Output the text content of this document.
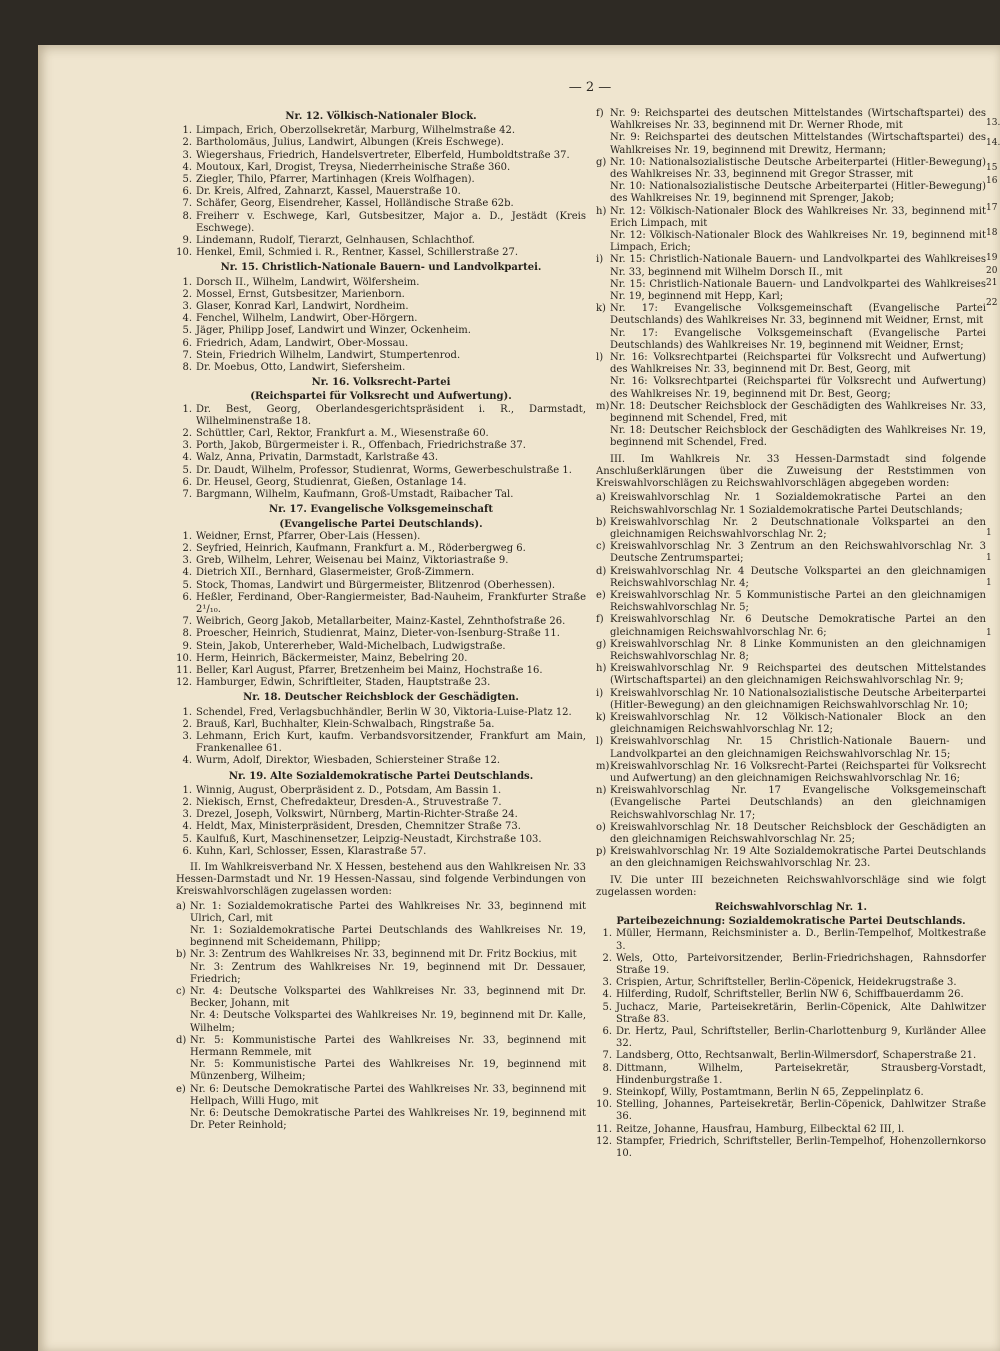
— 2 —
Nr. 12. Völkisch-Nationaler Block.
1. Limpach, Erich, Oberzollsekretär, Marburg, Wilhelmstraße 42.
2. Bartholomäus, Julius, Landwirt, Albungen (Kreis Eschwege).
3. Wiegershaus, Friedrich, Handelsvertreter, Elberfeld, Humboldtstraße 37.
4. Moutoux, Karl, Drogist, Treysa, Niederrheinische Straße 360.
5. Ziegler, Thilo, Pfarrer, Martinhagen (Kreis Wolfhagen).
6. Dr. Kreis, Alfred, Zahnarzt, Kassel, Mauerstraße 10.
7. Schäfer, Georg, Eisendreher, Kassel, Holländische Straße 62b.
8. Freiherr v. Eschwege, Karl, Gutsbesitzer, Major a. D., Jestädt (Kreis Eschwege).
9. Lindemann, Rudolf, Tierarzt, Gelnhausen, Schlachthof.
10. Henkel, Emil, Schmied i. R., Rentner, Kassel, Schillerstraße 27.
Nr. 15. Christlich-Nationale Bauern- und Landvolkpartei.
1. Dorsch II., Wilhelm, Landwirt, Wölfersheim.
2. Mossel, Ernst, Gutsbesitzer, Marienborn.
3. Glaser, Konrad Karl, Landwirt, Nordheim.
4. Fenchel, Wilhelm, Landwirt, Ober-Hörgern.
5. Jäger, Philipp Josef, Landwirt und Winzer, Ockenheim.
6. Friedrich, Adam, Landwirt, Ober-Mossau.
7. Stein, Friedrich Wilhelm, Landwirt, Stumpertenrod.
8. Dr. Moebus, Otto, Landwirt, Siefersheim.
Nr. 16. Volksrecht-Partei
(Reichspartei für Volksrecht und Aufwertung).
1. Dr. Best, Georg, Oberlandesgerichtspräsident i. R., Darmstadt, Wilhelminenstraße 18.
2. Schüttler, Carl, Rektor, Frankfurt a. M., Wiesenstraße 60.
3. Porth, Jakob, Bürgermeister i. R., Offenbach, Friedrichstraße 37.
4. Walz, Anna, Privatin, Darmstadt, Karlstraße 43.
5. Dr. Daudt, Wilhelm, Professor, Studienrat, Worms, Gewerbeschulstraße 1.
6. Dr. Heusel, Georg, Studienrat, Gießen, Ostanlage 14.
7. Bargmann, Wilhelm, Kaufmann, Groß-Umstadt, Raibacher Tal.
Nr. 17. Evangelische Volksgemeinschaft
(Evangelische Partei Deutschlands).
1. Weidner, Ernst, Pfarrer, Ober-Lais (Hessen).
2. Seyfried, Heinrich, Kaufmann, Frankfurt a. M., Röderbergweg 6.
3. Greb, Wilhelm, Lehrer, Weisenau bei Mainz, Viktoriastraße 9.
4. Dietrich XII., Bernhard, Glasermeister, Groß-Zimmern.
5. Stock, Thomas, Landwirt und Bürgermeister, Blitzenrod (Oberhessen).
6. Heßler, Ferdinand, Ober-Rangiermeister, Bad-Nauheim, Frankfurter Straße 2¹/₁₀.
7. Weibrich, Georg Jakob, Metallarbeiter, Mainz-Kastel, Zehnthofstraße 26.
8. Proescher, Heinrich, Studienrat, Mainz, Dieter-von-Isenburg-Straße 11.
9. Stein, Jakob, Untererheber, Wald-Michelbach, Ludwigstraße.
10. Herm, Heinrich, Bäckermeister, Mainz, Bebelring 20.
11. Beller, Karl August, Pfarrer, Bretzenheim bei Mainz, Hochstraße 16.
12. Hamburger, Edwin, Schriftleiter, Staden, Hauptstraße 23.
Nr. 18. Deutscher Reichsblock der Geschädigten.
1. Schendel, Fred, Verlagsbuchhändler, Berlin W 30, Viktoria-Luise-Platz 12.
2. Brauß, Karl, Buchhalter, Klein-Schwalbach, Ringstraße 5a.
3. Lehmann, Erich Kurt, kaufm. Verbandsvorsitzender, Frankfurt am Main, Frankenallee 61.
4. Wurm, Adolf, Direktor, Wiesbaden, Schiersteiner Straße 12.
Nr. 19. Alte Sozialdemokratische Partei Deutschlands.
1. Winnig, August, Oberpräsident z. D., Potsdam, Am Bassin 1.
2. Niekisch, Ernst, Chefredakteur, Dresden-A., Struvestraße 7.
3. Drezel, Joseph, Volkswirt, Nürnberg, Martin-Richter-Straße 24.
4. Heldt, Max, Ministerpräsident, Dresden, Chemnitzer Straße 73.
5. Kaulfuß, Kurt, Maschinensetzer, Leipzig-Neustadt, Kirchstraße 103.
6. Kuhn, Karl, Schlosser, Essen, Klarastraße 57.
II. Im Wahlkreisverband Nr. X Hessen, bestehend aus den Wahlkreisen Nr. 33 Hessen-Darmstadt und Nr. 19 Hessen-Nassau, sind folgende Verbindungen von Kreiswahlvorschlägen zugelassen worden:
a) Nr. 1: Sozialdemokratische Partei des Wahlkreises Nr. 33, beginnend mit Ulrich, Carl, mit
Nr. 1: Sozialdemokratische Partei Deutschlands des Wahlkreises Nr. 19, beginnend mit Scheidemann, Philipp;
b) Nr. 3: Zentrum des Wahlkreises Nr. 33, beginnend mit Dr. Fritz Bockius, mit
Nr. 3: Zentrum des Wahlkreises Nr. 19, beginnend mit Dr. Dessauer, Friedrich;
c) Nr. 4: Deutsche Volkspartei des Wahlkreises Nr. 33, beginnend mit Dr. Becker, Johann, mit
Nr. 4: Deutsche Volkspartei des Wahlkreises Nr. 19, beginnend mit Dr. Kalle, Wilhelm;
d) Nr. 5: Kommunistische Partei des Wahlkreises Nr. 33, beginnend mit Hermann Remmele, mit
Nr. 5: Kommunistische Partei des Wahlkreises Nr. 19, beginnend mit Münzenberg, Wilheim;
e) Nr. 6: Deutsche Demokratische Partei des Wahlkreises Nr. 33, beginnend mit Hellpach, Willi Hugo, mit
Nr. 6: Deutsche Demokratische Partei des Wahlkreises Nr. 19, beginnend mit Dr. Peter Reinhold;
f) Nr. 9: Reichspartei des deutschen Mittelstandes (Wirtschaftspartei) des Wahlkreises Nr. 33, beginnend mit Dr. Werner Rhode, mit
Nr. 9: Reichspartei des deutschen Mittelstandes (Wirtschaftspartei) des Wahlkreises Nr. 19, beginnend mit Drewitz, Hermann;
g) Nr. 10: Nationalsozialistische Deutsche Arbeiterpartei (Hitler-Bewegung) des Wahlkreises Nr. 33, beginnend mit Gregor Strasser, mit
Nr. 10: Nationalsozialistische Deutsche Arbeiterpartei (Hitler-Bewegung) des Wahlkreises Nr. 19, beginnend mit Sprenger, Jakob;
h) Nr. 12: Völkisch-Nationaler Block des Wahlkreises Nr. 33, beginnend mit Erich Limpach, mit
Nr. 12: Völkisch-Nationaler Block des Wahlkreises Nr. 19, beginnend mit Limpach, Erich;
i) Nr. 15: Christlich-Nationale Bauern- und Landvolkpartei des Wahlkreises Nr. 33, beginnend mit Wilhelm Dorsch II., mit
Nr. 15: Christlich-Nationale Bauern- und Landvolkpartei des Wahlkreises Nr. 19, beginnend mit Hepp, Karl;
k) Nr. 17: Evangelische Volksgemeinschaft (Evangelische Partei Deutschlands) des Wahlkreises Nr. 33, beginnend mit Weidner, Ernst, mit
Nr. 17: Evangelische Volksgemeinschaft (Evangelische Partei Deutschlands) des Wahlkreises Nr. 19, beginnend mit Weidner, Ernst;
l) Nr. 16: Volksrechtpartei (Reichspartei für Volksrecht und Aufwertung) des Wahlkreises Nr. 33, beginnend mit Dr. Best, Georg, mit
Nr. 16: Volksrechtpartei (Reichspartei für Volksrecht und Aufwertung) des Wahlkreises Nr. 19, beginnend mit Dr. Best, Georg;
m) Nr. 18: Deutscher Reichsblock der Geschädigten des Wahlkreises Nr. 33, beginnend mit Schendel, Fred, mit
Nr. 18: Deutscher Reichsblock der Geschädigten des Wahlkreises Nr. 19, beginnend mit Schendel, Fred.
III. Im Wahlkreis Nr. 33 Hessen-Darmstadt sind folgende Anschlußerklärungen über die Zuweisung der Reststimmen von Kreiswahlvorschlägen zu Reichswahlvorschlägen abgegeben worden:
a) Kreiswahlvorschlag Nr. 1 Sozialdemokratische Partei an den Reichswahlvorschlag Nr. 1 Sozialdemokratische Partei Deutschlands;
b) Kreiswahlvorschlag Nr. 2 Deutschnationale Volkspartei an den gleichnamigen Reichswahlvorschlag Nr. 2;
c) Kreiswahlvorschlag Nr. 3 Zentrum an den Reichswahlvorschlag Nr. 3 Deutsche Zentrumspartei;
d) Kreiswahlvorschlag Nr. 4 Deutsche Volkspartei an den gleichnamigen Reichswahlvorschlag Nr. 4;
e) Kreiswahlvorschlag Nr. 5 Kommunistische Partei an den gleichnamigen Reichswahlvorschlag Nr. 5;
f) Kreiswahlvorschlag Nr. 6 Deutsche Demokratische Partei an den gleichnamigen Reichswahlvorschlag Nr. 6;
g) Kreiswahlvorschlag Nr. 8 Linke Kommunisten an den gleichnamigen Reichswahlvorschlag Nr. 8;
h) Kreiswahlvorschlag Nr. 9 Reichspartei des deutschen Mittelstandes (Wirtschaftspartei) an den gleichnamigen Reichswahlvorschlag Nr. 9;
i) Kreiswahlvorschlag Nr. 10 Nationalsozialistische Deutsche Arbeiterpartei (Hitler-Bewegung) an den gleichnamigen Reichswahlvorschlag Nr. 10;
k) Kreiswahlvorschlag Nr. 12 Völkisch-Nationaler Block an den gleichnamigen Reichswahlvorschlag Nr. 12;
l) Kreiswahlvorschlag Nr. 15 Christlich-Nationale Bauern- und Landvolkpartei an den gleichnamigen Reichswahlvorschlag Nr. 15;
m) Kreiswahlvorschlag Nr. 16 Volksrecht-Partei (Reichspartei für Volksrecht und Aufwertung) an den gleichnamigen Reichswahlvorschlag Nr. 16;
n) Kreiswahlvorschlag Nr. 17 Evangelische Volksgemeinschaft (Evangelische Partei Deutschlands) an den gleichnamigen Reichswahlvorschlag Nr. 17;
o) Kreiswahlvorschlag Nr. 18 Deutscher Reichsblock der Geschädigten an den gleichnamigen Reichswahlvorschlag Nr. 25;
p) Kreiswahlvorschlag Nr. 19 Alte Sozialdemokratische Partei Deutschlands an den gleichnamigen Reichswahlvorschlag Nr. 23.
IV. Die unter III bezeichneten Reichswahlvorschläge sind wie folgt zugelassen worden:
Reichswahlvorschlag Nr. 1.
Parteibezeichnung: Sozialdemokratische Partei Deutschlands.
1. Müller, Hermann, Reichsminister a. D., Berlin-Tempelhof, Moltkestraße 3.
2. Wels, Otto, Parteivorsitzender, Berlin-Friedrichshagen, Rahnsdorfer Straße 19.
3. Crispien, Artur, Schriftsteller, Berlin-Cöpenick, Heidekrugstraße 3.
4. Hilferding, Rudolf, Schriftsteller, Berlin NW 6, Schiffbauerdamm 26.
5. Juchacz, Marie, Parteisekretärin, Berlin-Cöpenick, Alte Dahlwitzer Straße 83.
6. Dr. Hertz, Paul, Schriftsteller, Berlin-Charlottenburg 9, Kurländer Allee 32.
7. Landsberg, Otto, Rechtsanwalt, Berlin-Wilmersdorf, Schaperstraße 21.
8. Dittmann, Wilhelm, Parteisekretär, Strausberg-Vorstadt, Hindenburgstraße 1.
9. Steinkopf, Willy, Postamtmann, Berlin N 65, Zeppelinplatz 6.
10. Stelling, Johannes, Parteisekretär, Berlin-Cöpenick, Dahlwitzer Straße 36.
11. Reitze, Johanne, Hausfrau, Hamburg, Eilbecktal 62 III, l.
12. Stampfer, Friedrich, Schriftsteller, Berlin-Tempelhof, Hohenzollernkorso 10.
13.
14.
15
16
17
18
19
20
21
22
1
1
1
1
